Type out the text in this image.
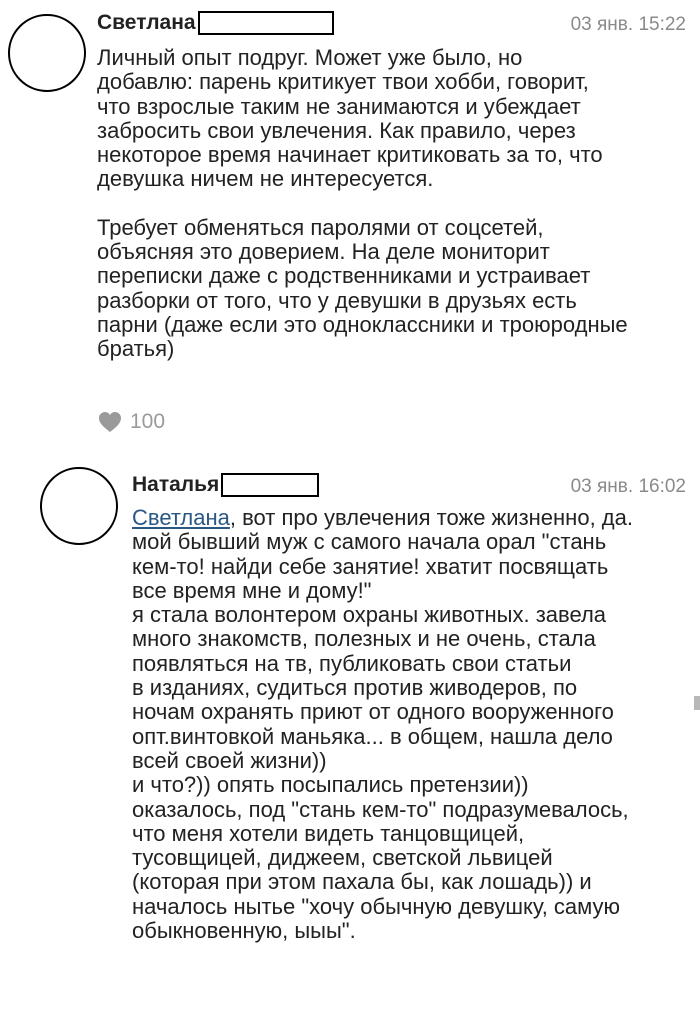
Светлана	03 янв. 15:22

Личный опыт подруг. Может уже было, но

добавлю: парень критикует твои хобби, говорит,

что взрослые таким не занимаются и убеждает

забросить свои увлечения. Как правило, через

некоторое время начинает критиковать за то, что

девушка ничем не интересуется.

Требует обменяться паролями от соцсетей,

объясняя это доверием. На деле мониторит

переписки даже с родственниками и устраивает

разборки от того, что у девушки в друзьях есть

парни (даже если это одноклассники и троюродные

братья)

100
Наталья	03 янв. 16:02

Светлана, вот про увлечения тоже жизненно, да.

мой бывший муж с самого начала орал "стань

кем-то! найди себе занятие! хватит посвящать

все время мне и дому!"

я стала волонтером охраны животных. завела

много знакомств, полезных и не очень, стала

появляться на тв, публиковать свои статьи

в изданиях, судиться против живодеров, по

ночам охранять приют от одного вооруженного

опт.винтовкой маньяка... в общем, нашла дело

всей своей жизни))

и что?)) опять посыпались претензии))

оказалось, под "стань кем-то" подразумевалось,

что меня хотели видеть танцовщицей,

тусовщицей, диджеем, светской львицей

(которая при этом пахала бы, как лошадь)) и

началось нытье "хочу обычную девушку, самую

обыкновенную, ыыы".
